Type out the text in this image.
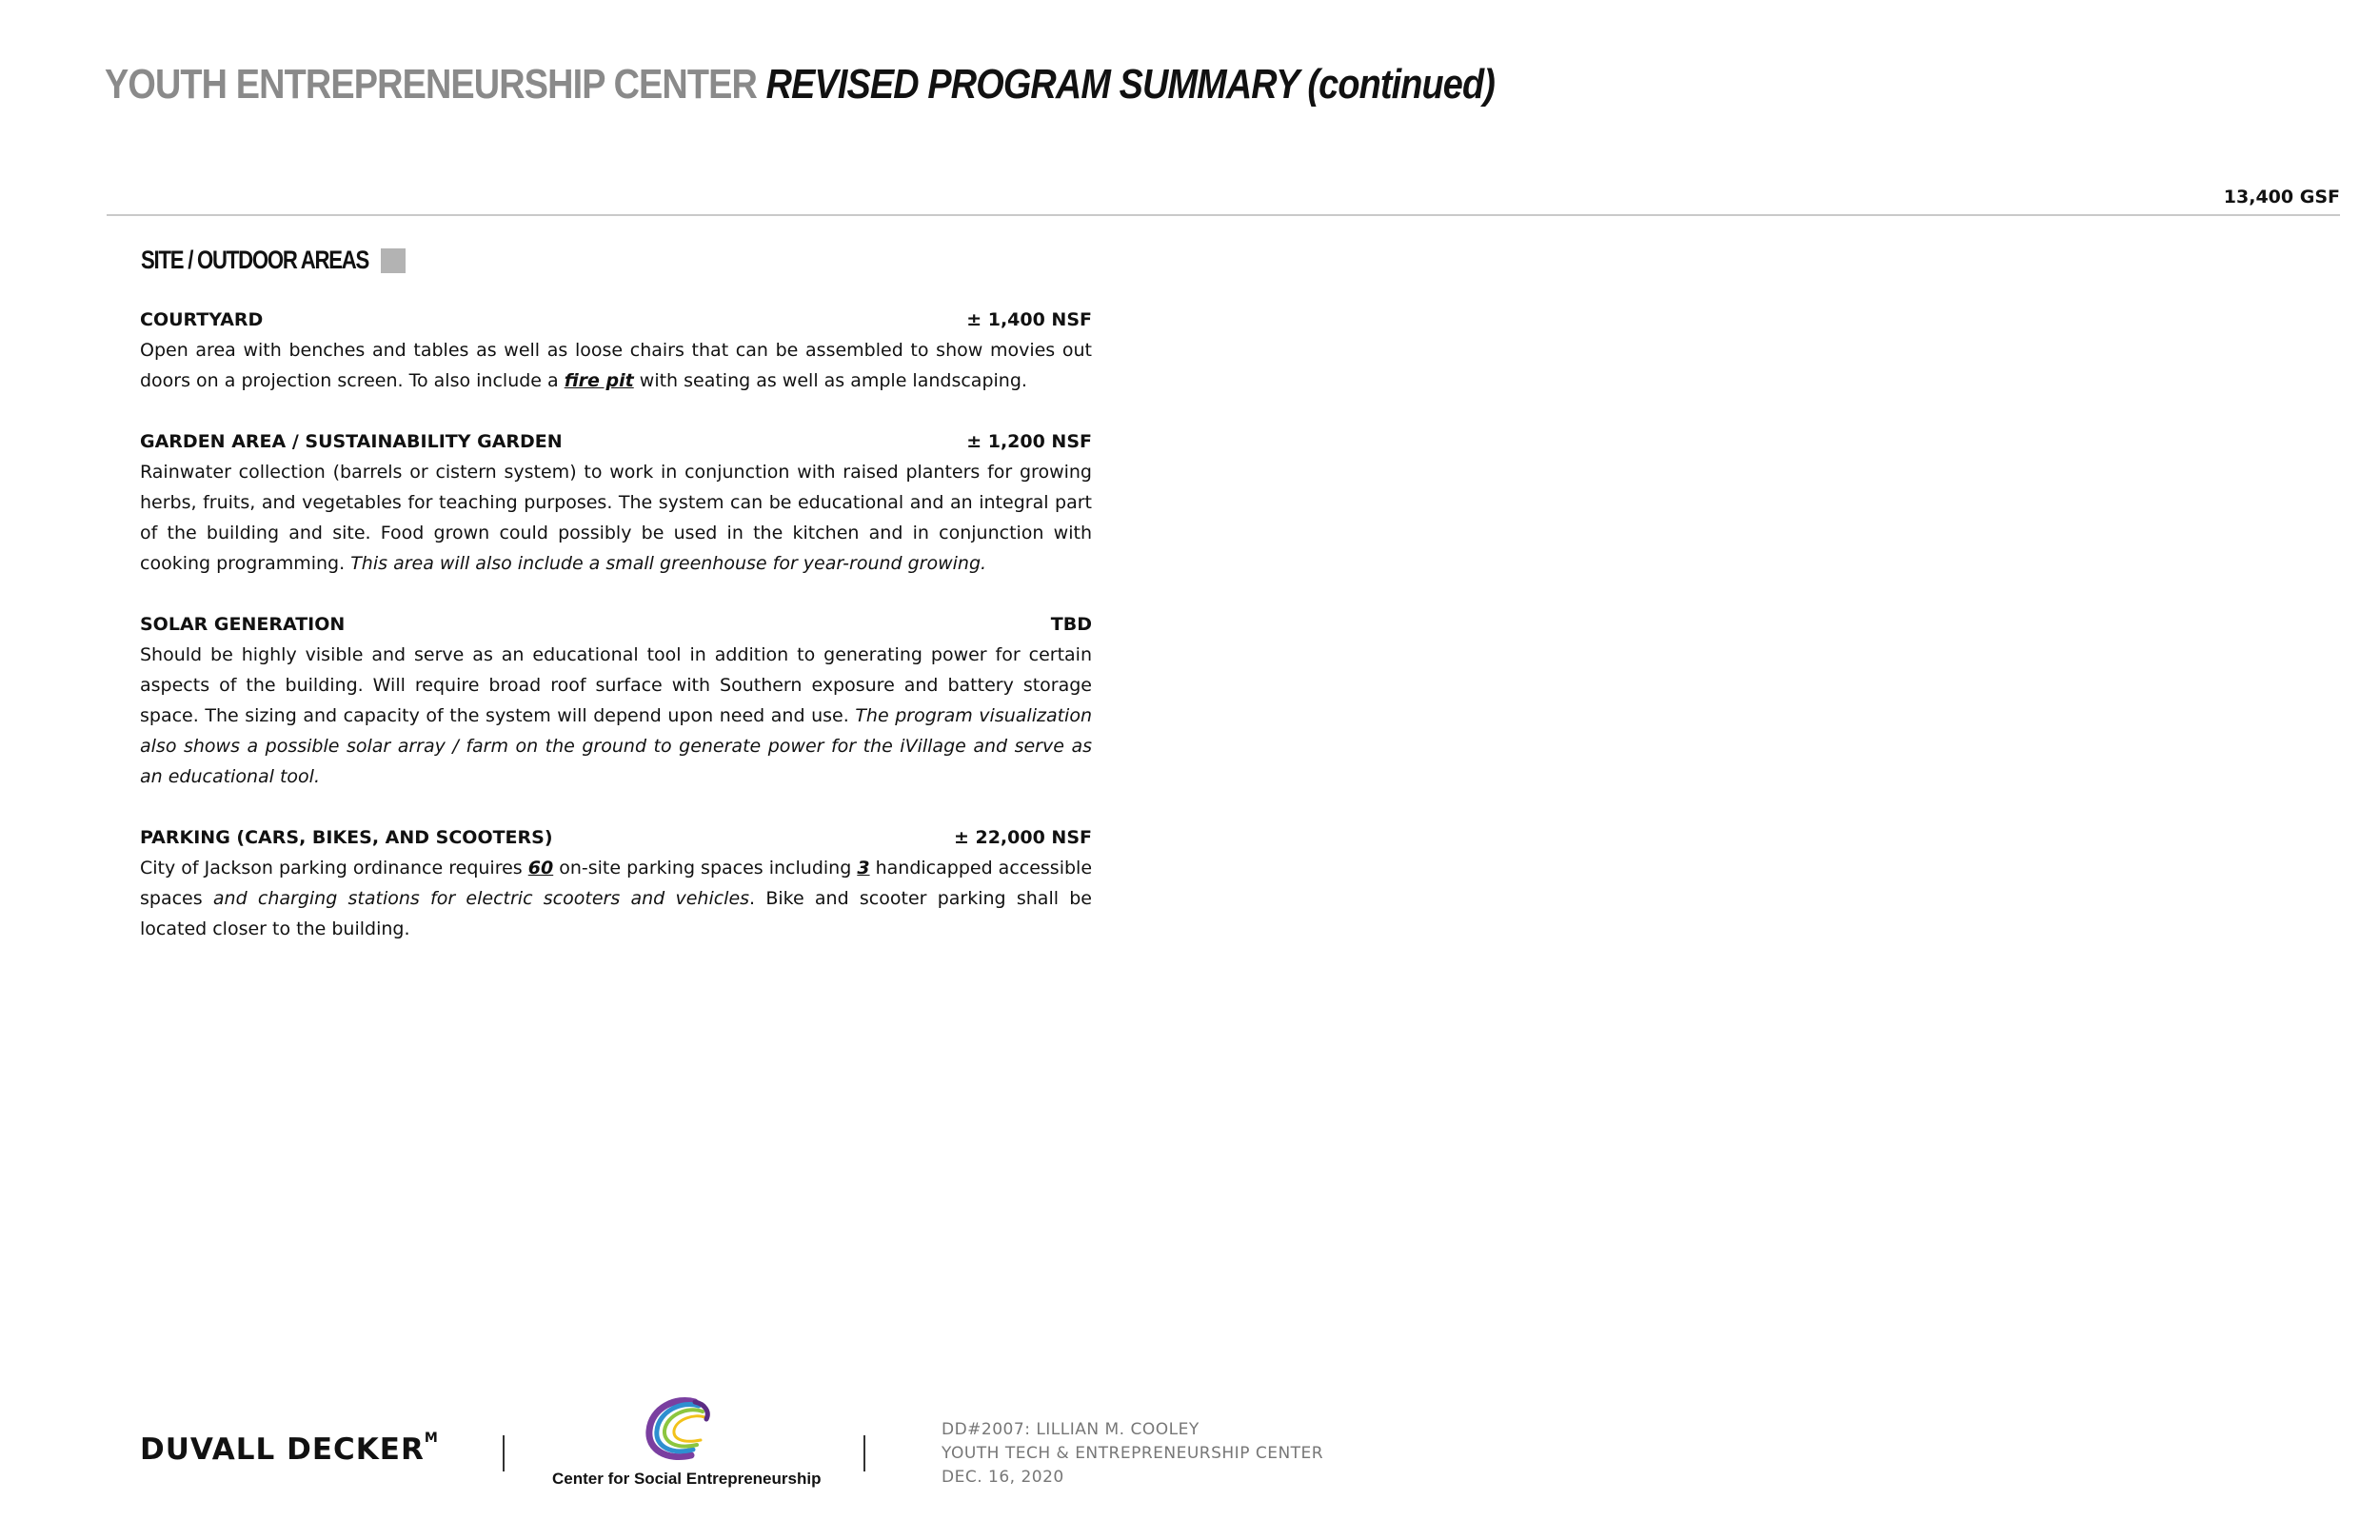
YOUTH ENTREPRENEURSHIP CENTER REVISED PROGRAM SUMMARY (continued)
13,400 GSF
SITE / OUTDOOR AREAS
COURTYARD	± 1,400 NSF
Open area with benches and tables as well as loose chairs that can be assembled to show movies out doors on a projection screen. To also include a fire pit with seating as well as ample landscaping.
GARDEN AREA / SUSTAINABILITY GARDEN	± 1,200 NSF
Rainwater collection (barrels or cistern system) to work in conjunction with raised planters for growing herbs, fruits, and vegetables for teaching purposes. The system can be educational and an integral part of the building and site. Food grown could possibly be used in the kitchen and in conjunction with cooking programming. This area will also include a small greenhouse for year-round growing.
SOLAR GENERATION	TBD
Should be highly visible and serve as an educational tool in addition to generating power for certain aspects of the building. Will require broad roof surface with Southern exposure and battery storage space. The sizing and capacity of the system will depend upon need and use. The program visualization also shows a possible solar array / farm on the ground to generate power for the iVillage and serve as an educational tool.
PARKING (CARS, BIKES, AND SCOOTERS)	± 22,000 NSF
City of Jackson parking ordinance requires 60 on-site parking spaces including 3 handicapped accessible spaces and charging stations for electric scooters and vehicles. Bike and scooter parking shall be located closer to the building.
DUVALL $DECKER^M$
Center for Social Entrepreneurship
DD#2007: LILLIAN M. COOLEY
YOUTH TECH & ENTREPRENEURSHIP CENTER
DEC. 16, 2020
